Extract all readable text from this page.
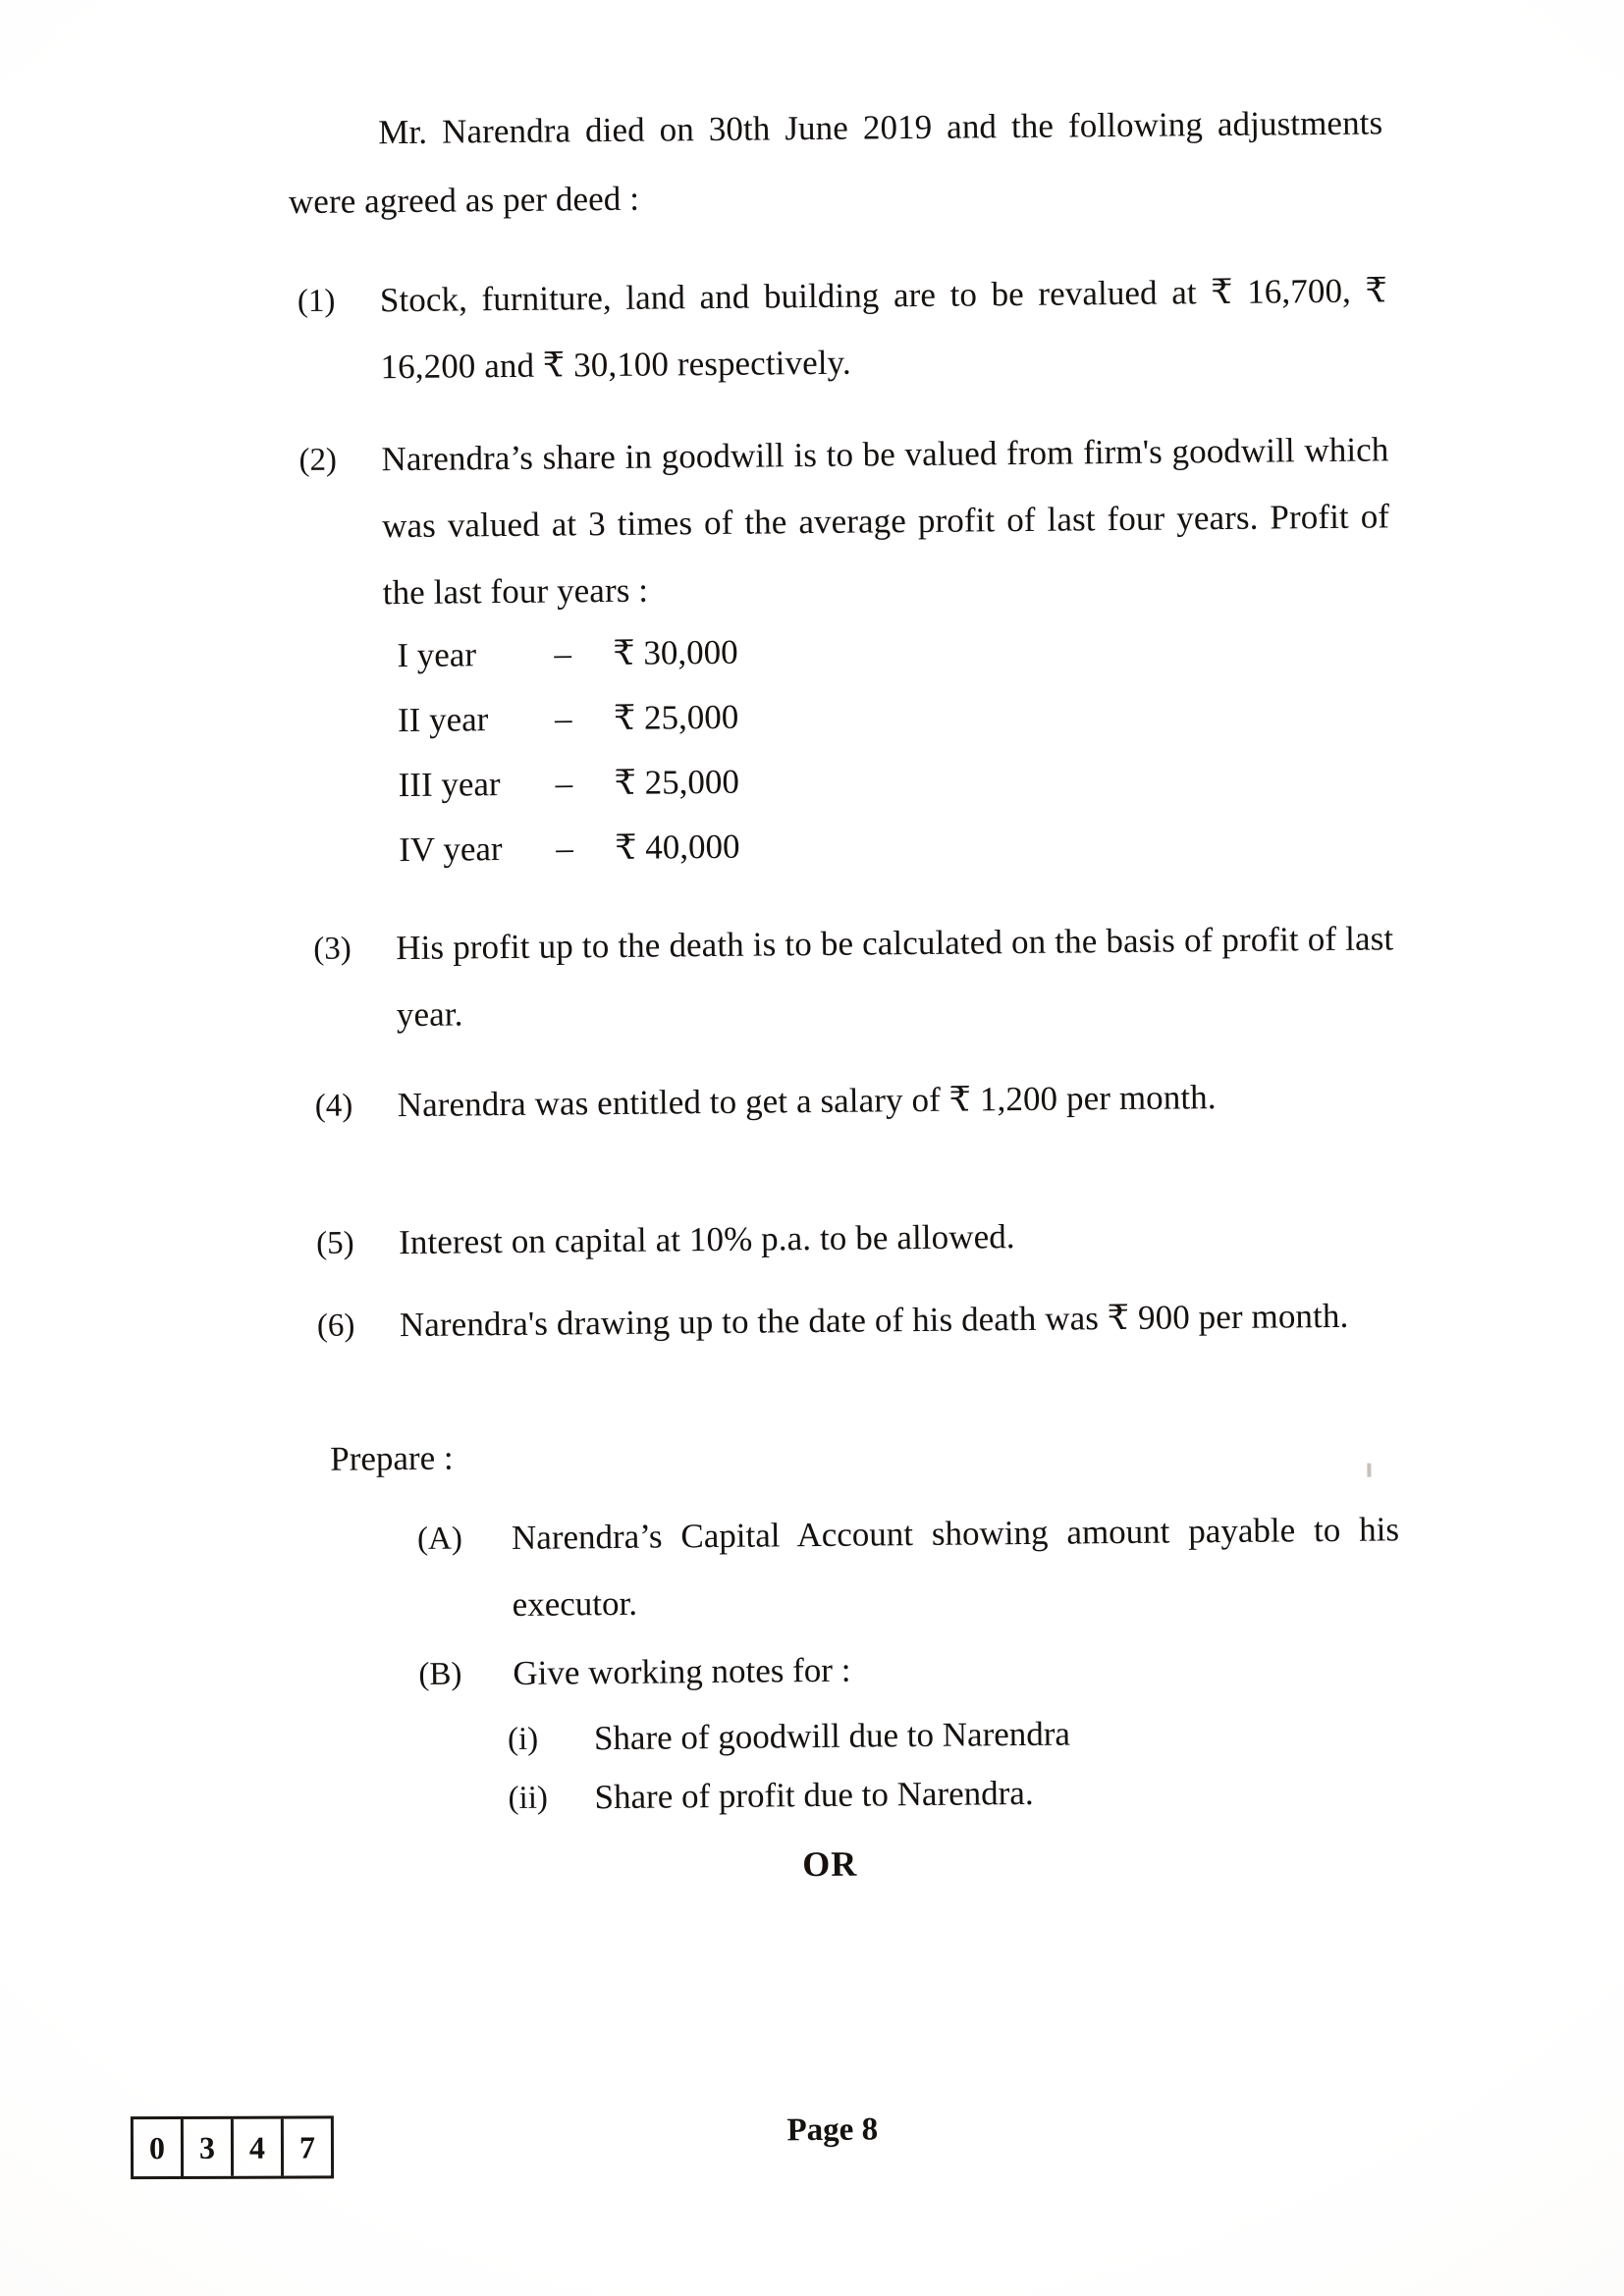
Mr. Narendra died on 30th June 2019 and the following adjustments were agreed as per deed :
(1)	Stock, furniture, land and building are to be revalued at ₹ 16,700, ₹ 16,200 and ₹ 30,100 respectively.
(2)	Narendra’s share in goodwill is to be valued from firm's goodwill which was valued at 3 times of the average profit of last four years. Profit of the last four years :
I year	–	₹ 30,000
II year	–	₹ 25,000
III year	–	₹ 25,000
IV year	–	₹ 40,000
(3)	His profit up to the death is to be calculated on the basis of profit of last year.
(4)	Narendra was entitled to get a salary of ₹ 1,200 per month.
(5)	Interest on capital at 10% p.a. to be allowed.
(6)	Narendra's drawing up to the date of his death was ₹ 900 per month.
Prepare :
(A)	Narendra’s Capital Account showing amount payable to his executor.
(B)	Give working notes for :
(i)	Share of goodwill due to Narendra
(ii)	Share of profit due to Narendra.
OR
0	3	4	7	Page 8
